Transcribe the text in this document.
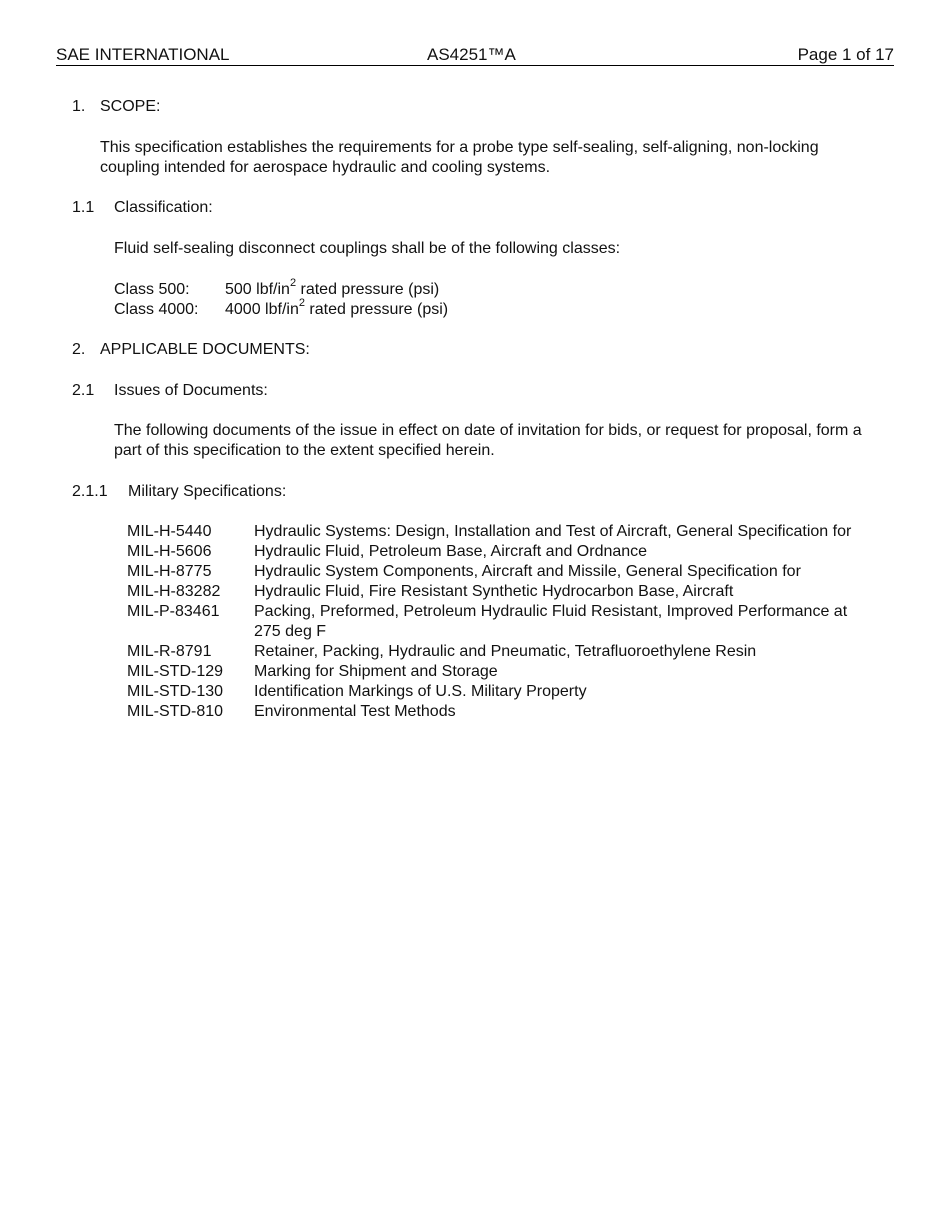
SAE INTERNATIONAL	AS4251™A	Page 1 of 17
1. SCOPE:

This specification establishes the requirements for a probe type self-sealing, self-aligning, non-locking coupling intended for aerospace hydraulic and cooling systems.

1.1 Classification:

Fluid self-sealing disconnect couplings shall be of the following classes:

Class 500: 500 lbf/$in^2$ rated pressure (psi)
Class 4000: 4000 lbf/$in^2$ rated pressure (psi)
2. APPLICABLE DOCUMENTS:
2.1 Issues of Documents:

The following documents of the issue in effect on date of invitation for bids, or request for proposal, form a part of this specification to the extent specified herein.

2.1.1 Military Specifications:
MIL-H-5440	Hydraulic Systems: Design, Installation and Test of Aircraft, General Specification for
MIL-H-5606	Hydraulic Fluid, Petroleum Base, Aircraft and Ordnance
MIL-H-8775	Hydraulic System Components, Aircraft and Missile, General Specification for
MIL-H-83282	Hydraulic Fluid, Fire Resistant Synthetic Hydrocarbon Base, Aircraft
MIL-P-83461	Packing, Preformed, Petroleum Hydraulic Fluid Resistant, Improved Performance at 275 deg F
MIL-R-8791	Retainer, Packing, Hydraulic and Pneumatic, Tetrafluoroethylene Resin
MIL-STD-129	Marking for Shipment and Storage
MIL-STD-130	Identification Markings of U.S. Military Property
MIL-STD-810	Environmental Test Methods
